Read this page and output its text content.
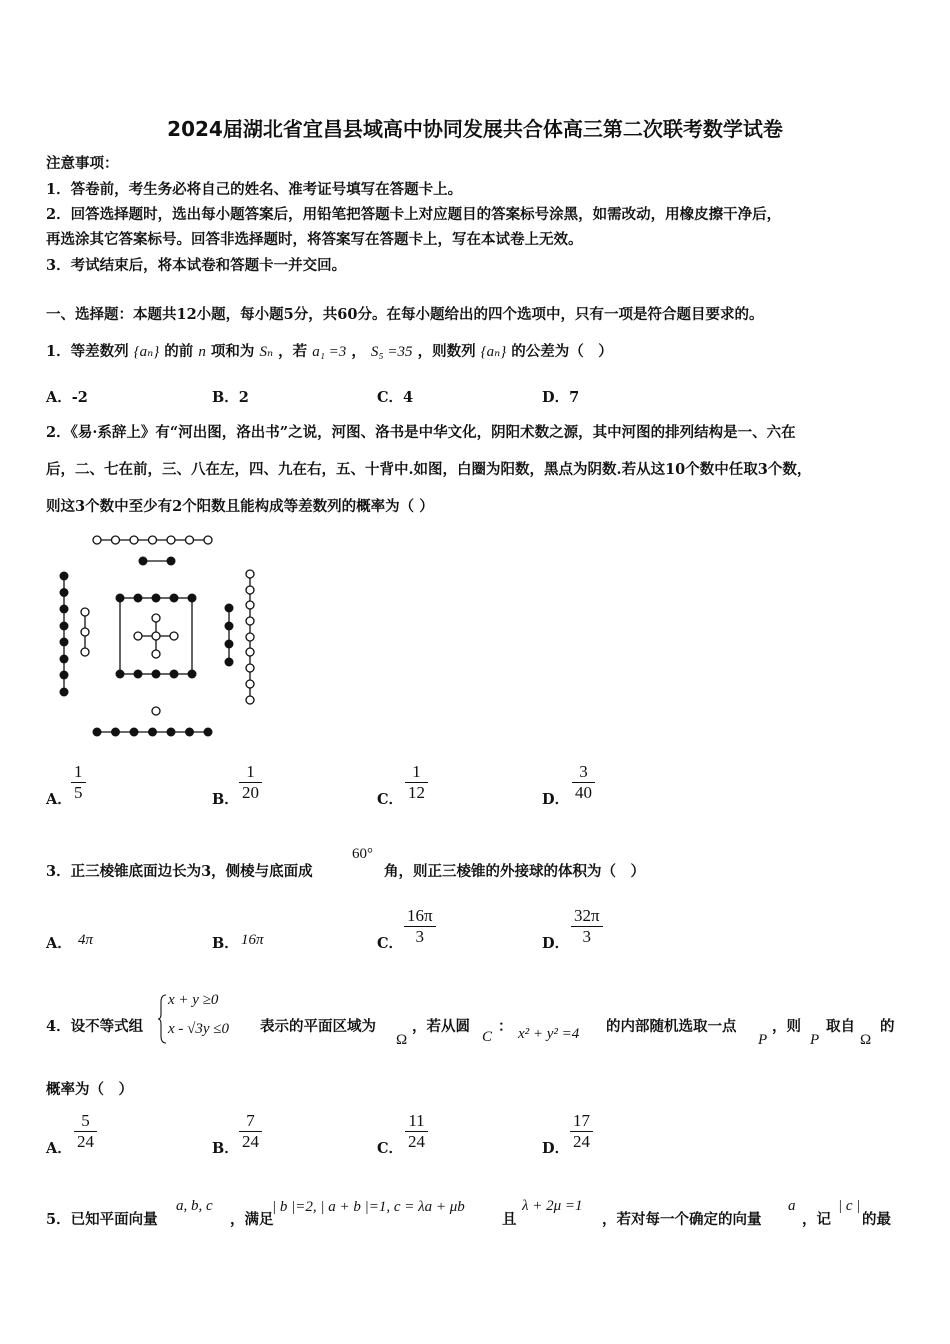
2024届湖北省宜昌县域高中协同发展共合体高三第二次联考数学试卷
注意事项：
1．答卷前，考生务必将自己的姓名、准考证号填写在答题卡上。
2．回答选择题时，选出每小题答案后，用铅笔把答题卡上对应题目的答案标号涂黑，如需改动，用橡皮擦干净后，
再选涂其它答案标号。回答非选择题时，将答案写在答题卡上，写在本试卷上无效。
3．考试结束后，将本试卷和答题卡一并交回。
一、选择题：本题共12小题，每小题5分，共60分。在每小题给出的四个选项中，只有一项是符合题目要求的。
1．等差数列 {aₙ} 的前 n 项和为 Sₙ ，若 a₁ =3 ， S₅ =35 ，则数列 {aₙ} 的公差为（　）
A．-2	B．2	C．4	D．7
2．《易·系辞上》有“河出图，洛出书”之说，河图、洛书是中华文化，阴阳术数之源，其中河图的排列结构是一、六在
后，二、七在前，三、八在左，四、九在右，五、十背中.如图，白圈为阳数，黑点为阴数.若从这10个数中任取3个数，
则这3个数中至少有2个阳数且能构成等差数列的概率为（ ）
A． $\frac{1}{5}$	B． $\frac{1}{20}$	C． $\frac{1}{12}$	D． $\frac{3}{40}$
3．正三棱锥底面边长为3，侧棱与底面成
60°
角，则正三棱锥的外接球的体积为（　）
A． 4π	B． 16π	C． $\frac{16\pi}{3}$	D． $\frac{32\pi}{3}$
4．设不等式组
x + y ≥0
x - √3y ≤0 表示的平面区域为
Ω
，若从圆
C
： x² + y² =4 的内部随机选取一点
P
，则
P
取自
Ω
的
概率为（　）
A． $\frac{5}{24}$	B． $\frac{7}{24}$	C． $\frac{11}{24}$	D． $\frac{17}{24}$
5．已知平面向量
a, b, c
，满足
| b |=2, | a + b |=1, c = λa + μb
且
λ + 2μ =1
，若对每一个确定的向量
a
，记
| c |
的最
